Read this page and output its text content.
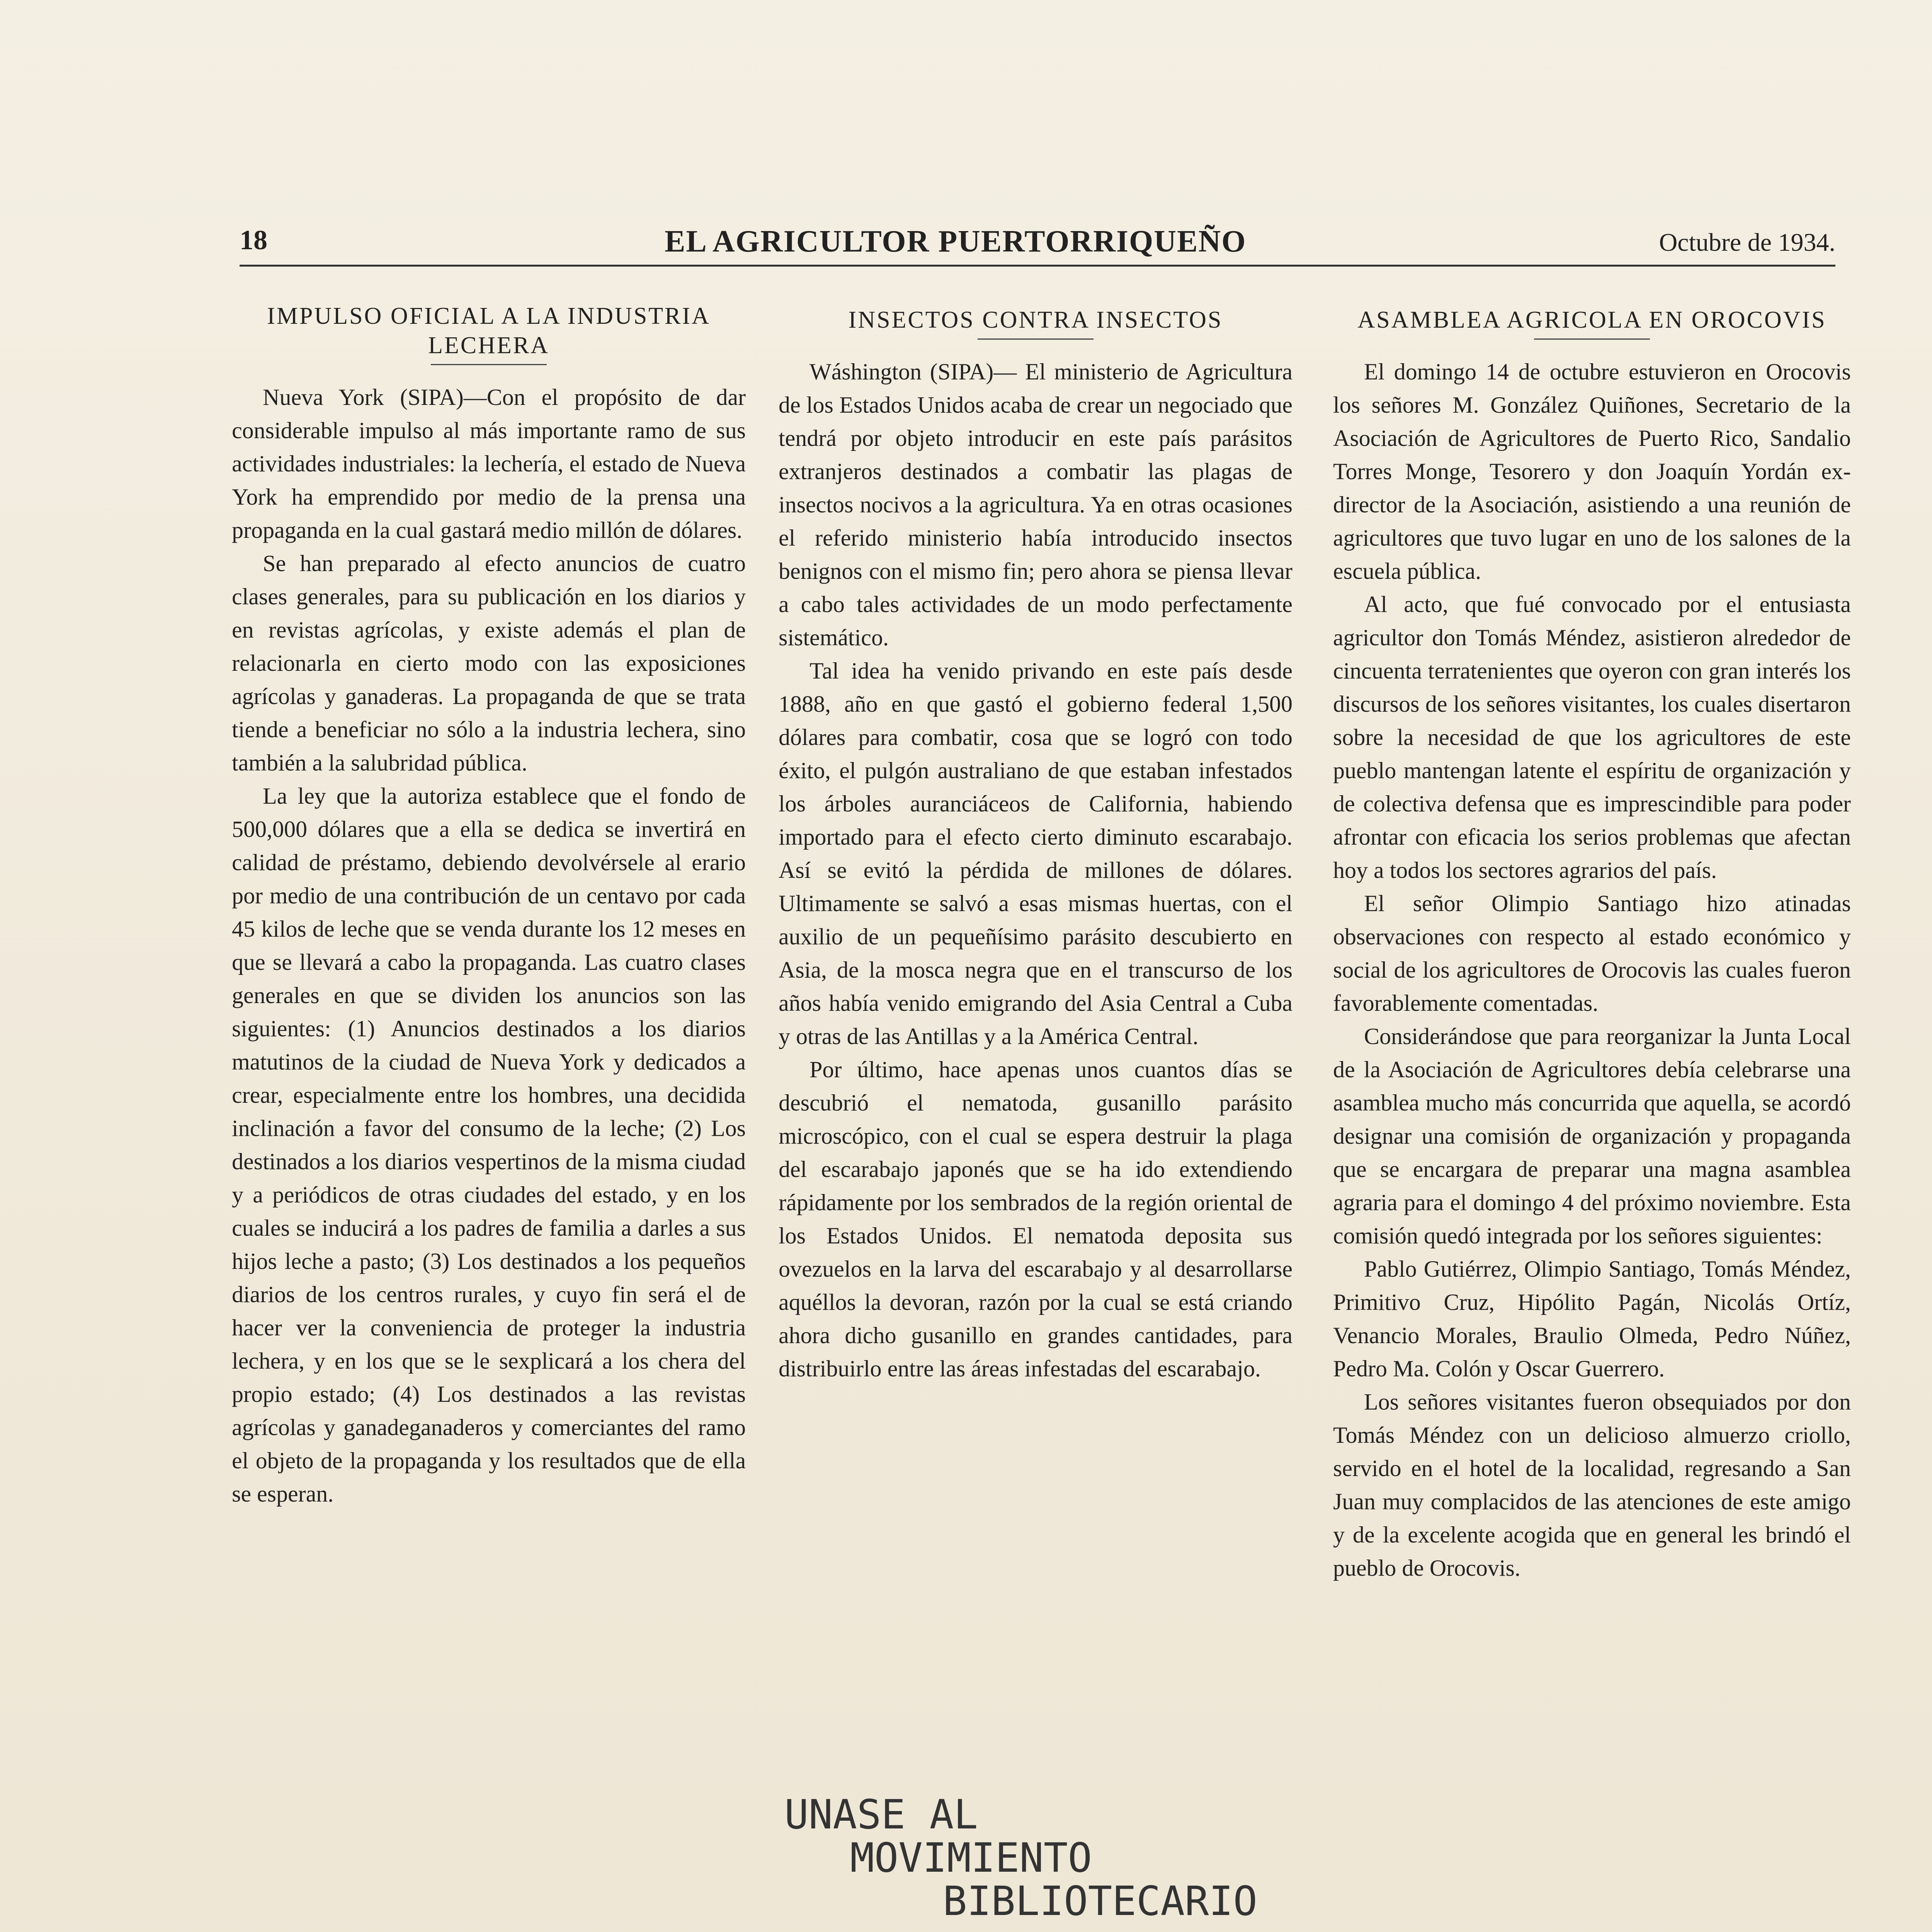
18	EL AGRICULTOR PUERTORRIQUEÑO	Octubre de 1934.

IMPULSO OFICIAL A LA INDUSTRIA LECHERA

Nueva York (SIPA)—Con el propósito de dar considerable impulso al más importante ramo de sus actividades industriales: la lechería, el estado de Nueva York ha emprendido por medio de la prensa una propaganda en la cual gastará medio millón de dólares.

Se han preparado al efecto anuncios de cuatro clases generales, para su publicación en los diarios y en revistas agrícolas, y existe además el plan de relacionarla en cierto modo con las exposiciones agrícolas y ganaderas. La propaganda de que se trata tiende a beneficiar no sólo a la industria lechera, sino también a la salubridad pública.

La ley que la autoriza establece que el fondo de 500,000 dólares que a ella se dedica se invertirá en calidad de préstamo, debiendo devolvérsele al erario por medio de una contribución de un centavo por cada 45 kilos de leche que se venda durante los 12 meses en que se llevará a cabo la propaganda. Las cuatro clases generales en que se dividen los anuncios son las siguientes: (1) Anuncios destinados a los diarios matutinos de la ciudad de Nueva York y dedicados a crear, especialmente entre los hombres, una decidida inclinación a favor del consumo de la leche; (2) Los destinados a los diarios vespertinos de la misma ciudad y a periódicos de otras ciudades del estado, y en los cuales se inducirá a los padres de familia a darles a sus hijos leche a pasto; (3) Los destinados a los pequeños diarios de los centros rurales, y cuyo fin será el de hacer ver la conveniencia de proteger la industria lechera, y en los que se le sexplicará a los chera del propio estado; (4) Los destinados a las revistas agrícolas y ganadeganaderos y comerciantes del ramo el objeto de la propaganda y los resultados que de ella se esperan.

INSECTOS CONTRA INSECTOS

Wáshington (SIPA)— El ministerio de Agricultura de los Estados Unidos acaba de crear un negociado que tendrá por objeto introducir en este país parásitos extranjeros destinados a combatir las plagas de insectos nocivos a la agricultura. Ya en otras ocasiones el referido ministerio había introducido insectos benignos con el mismo fin; pero ahora se piensa llevar a cabo tales actividades de un modo perfectamente sistemático.

Tal idea ha venido privando en este país desde 1888, año en que gastó el gobierno federal 1,500 dólares para combatir, cosa que se logró con todo éxito, el pulgón australiano de que estaban infestados los árboles auranciáceos de California, habiendo importado para el efecto cierto diminuto escarabajo. Así se evitó la pérdida de millones de dólares. Ultimamente se salvó a esas mismas huertas, con el auxilio de un pequeñísimo parásito descubierto en Asia, de la mosca negra que en el transcurso de los años había venido emigrando del Asia Central a Cuba y otras de las Antillas y a la América Central.

Por último, hace apenas unos cuantos días se descubrió el nematoda, gusanillo parásito microscópico, con el cual se espera destruir la plaga del escarabajo japonés que se ha ido extendiendo rápidamente por los sembrados de la región oriental de los Estados Unidos. El nematoda deposita sus ovezuelos en la larva del escarabajo y al desarrollarse aquéllos la devoran, razón por la cual se está criando ahora dicho gusanillo en grandes cantidades, para distribuirlo entre las áreas infestadas del escarabajo.

UNASE AL
MOVIMIENTO
BIBLIOTECARIO

ASAMBLEA AGRICOLA EN OROCOVIS

El domingo 14 de octubre estuvieron en Orocovis los señores M. González Quiñones, Secretario de la Asociación de Agricultores de Puerto Rico, Sandalio Torres Monge, Tesorero y don Joaquín Yordán ex-director de la Asociación, asistiendo a una reunión de agricultores que tuvo lugar en uno de los salones de la escuela pública.

Al acto, que fué convocado por el entusiasta agricultor don Tomás Méndez, asistieron alrededor de cincuenta terratenientes que oyeron con gran interés los discursos de los señores visitantes, los cuales disertaron sobre la necesidad de que los agricultores de este pueblo mantengan latente el espíritu de organización y de colectiva defensa que es imprescindible para poder afrontar con eficacia los serios problemas que afectan hoy a todos los sectores agrarios del país.

El señor Olimpio Santiago hizo atinadas observaciones con respecto al estado económico y social de los agricultores de Orocovis las cuales fueron favorablemente comentadas.

Considerándose que para reorganizar la Junta Local de la Asociación de Agricultores debía celebrarse una asamblea mucho más concurrida que aquella, se acordó designar una comisión de organización y propaganda que se encargara de preparar una magna asamblea agraria para el domingo 4 del próximo noviembre. Esta comisión quedó integrada por los señores siguientes:

Pablo Gutiérrez, Olimpio Santiago, Tomás Méndez, Primitivo Cruz, Hipólito Pagán, Nicolás Ortíz, Venancio Morales, Braulio Olmeda, Pedro Núñez, Pedro Ma. Colón y Oscar Guerrero.

Los señores visitantes fueron obsequiados por don Tomás Méndez con un delicioso almuerzo criollo, servido en el hotel de la localidad, regresando a San Juan muy complacidos de las atenciones de este amigo y de la excelente acogida que en general les brindó el pueblo de Orocovis.
